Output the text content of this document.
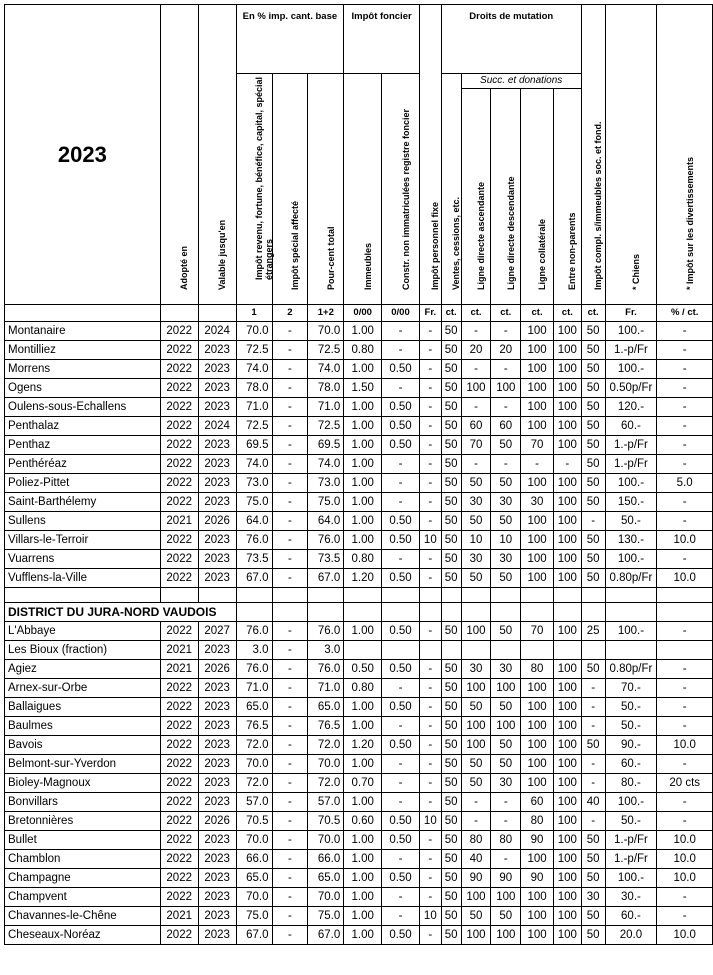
2023	Adopté en	Valable jusqu'en	En % imp. cant. base			Impôt foncier		Impôt personnel fixe	Droits de mutation					Impôt compl. s/immeubles soc. et fond.	* Chiens	* Impôt sur les divertissements

			Impôt revenu, fortune, bénéfice, capital, spécial étrangers	Impôt spécial affecté	Pour-cent total	Immeubles	Constr. non immatriculées registre foncier		Ventes, cessions, etc.	Succ. et donations						

										Ligne directe ascendante	Ligne directe descendante	Ligne collatérale	Entre non-parents			

			1	2	1+2	0/00	0/00	Fr.	ct.	ct.	ct.	ct.	ct.	ct.	Fr.	% / ct.
Montanaire	2022	2024	70.0	-	70.0	1.00	-	-	50	-	-	100	100	50	100.-	-
Montilliez	2022	2023	72.5	-	72.5	0.80	-	-	50	20	20	100	100	50	1.-p/Fr	-
Morrens	2022	2023	74.0	-	74.0	1.00	0.50	-	50	-	-	100	100	50	100.-	-
Ogens	2022	2023	78.0	-	78.0	1.50	-	-	50	100	100	100	100	50	0.50p/Fr	-
Oulens-sous-Echallens	2022	2023	71.0	-	71.0	1.00	0.50	-	50	-	-	100	100	50	120.-	-
Penthalaz	2022	2024	72.5	-	72.5	1.00	0.50	-	50	60	60	100	100	50	60.-	-
Penthaz	2022	2023	69.5	-	69.5	1.00	0.50	-	50	70	50	70	100	50	1.-p/Fr	-
Penthéréaz	2022	2023	74.0	-	74.0	1.00	-	-	50	-	-	-	-	50	1.-p/Fr	-
Poliez-Pittet	2022	2023	73.0	-	73.0	1.00	-	-	50	50	50	100	100	50	100.-	5.0
Saint-Barthélemy	2022	2023	75.0	-	75.0	1.00	-	-	50	30	30	30	100	50	150.-	-
Sullens	2021	2026	64.0	-	64.0	1.00	0.50	-	50	50	50	100	100	-	50.-	-
Villars-le-Terroir	2022	2023	76.0	-	76.0	1.00	0.50	10	50	10	10	100	100	50	130.-	10.0
Vuarrens	2022	2023	73.5	-	73.5	0.80	-	-	50	30	30	100	100	50	100.-	-
Vufflens-la-Ville	2022	2023	67.0	-	67.0	1.20	0.50	-	50	50	50	100	100	50	0.80p/Fr	10.0

DISTRICT DU JURA-NORD VAUDOIS																
L'Abbaye	2022	2027	76.0	-	76.0	1.00	0.50	-	50	100	50	70	100	25	100.-	-
Les Bioux (fraction)	2021	2023	3.0	-	3.0											
Agiez	2021	2026	76.0	-	76.0	0.50	0.50	-	50	30	30	80	100	50	0.80p/Fr	-
Arnex-sur-Orbe	2022	2023	71.0	-	71.0	0.80	-	-	50	100	100	100	100	-	70.-	-
Ballaigues	2022	2023	65.0	-	65.0	1.00	0.50	-	50	50	50	100	100	-	50.-	-
Baulmes	2022	2023	76.5	-	76.5	1.00	-	-	50	100	100	100	100	-	50.-	-
Bavois	2022	2023	72.0	-	72.0	1.20	0.50	-	50	100	50	100	100	50	90.-	10.0
Belmont-sur-Yverdon	2022	2023	70.0	-	70.0	1.00	-	-	50	50	50	100	100	-	60.-	-
Bioley-Magnoux	2022	2023	72.0	-	72.0	0.70	-	-	50	50	30	100	100	-	80.-	20 cts
Bonvillars	2022	2023	57.0	-	57.0	1.00	-	-	50	-	-	60	100	40	100.-	-
Bretonnières	2022	2026	70.5	-	70.5	0.60	0.50	10	50	-	-	80	100	-	50.-	-
Bullet	2022	2023	70.0	-	70.0	1.00	0.50	-	50	80	80	90	100	50	1.-p/Fr	10.0
Chamblon	2022	2023	66.0	-	66.0	1.00	-	-	50	40	-	100	100	50	1.-p/Fr	10.0
Champagne	2022	2023	65.0	-	65.0	1.00	0.50	-	50	90	90	90	100	50	100.-	10.0
Champvent	2022	2023	70.0	-	70.0	1.00	-	-	50	100	100	100	100	30	30.-	-
Chavannes-le-Chêne	2021	2023	75.0	-	75.0	1.00	-	10	50	50	50	100	100	50	60.-	-
Cheseaux-Noréaz	2022	2023	67.0	-	67.0	1.00	0.50	-	50	100	100	100	100	50	20.0	10.0
